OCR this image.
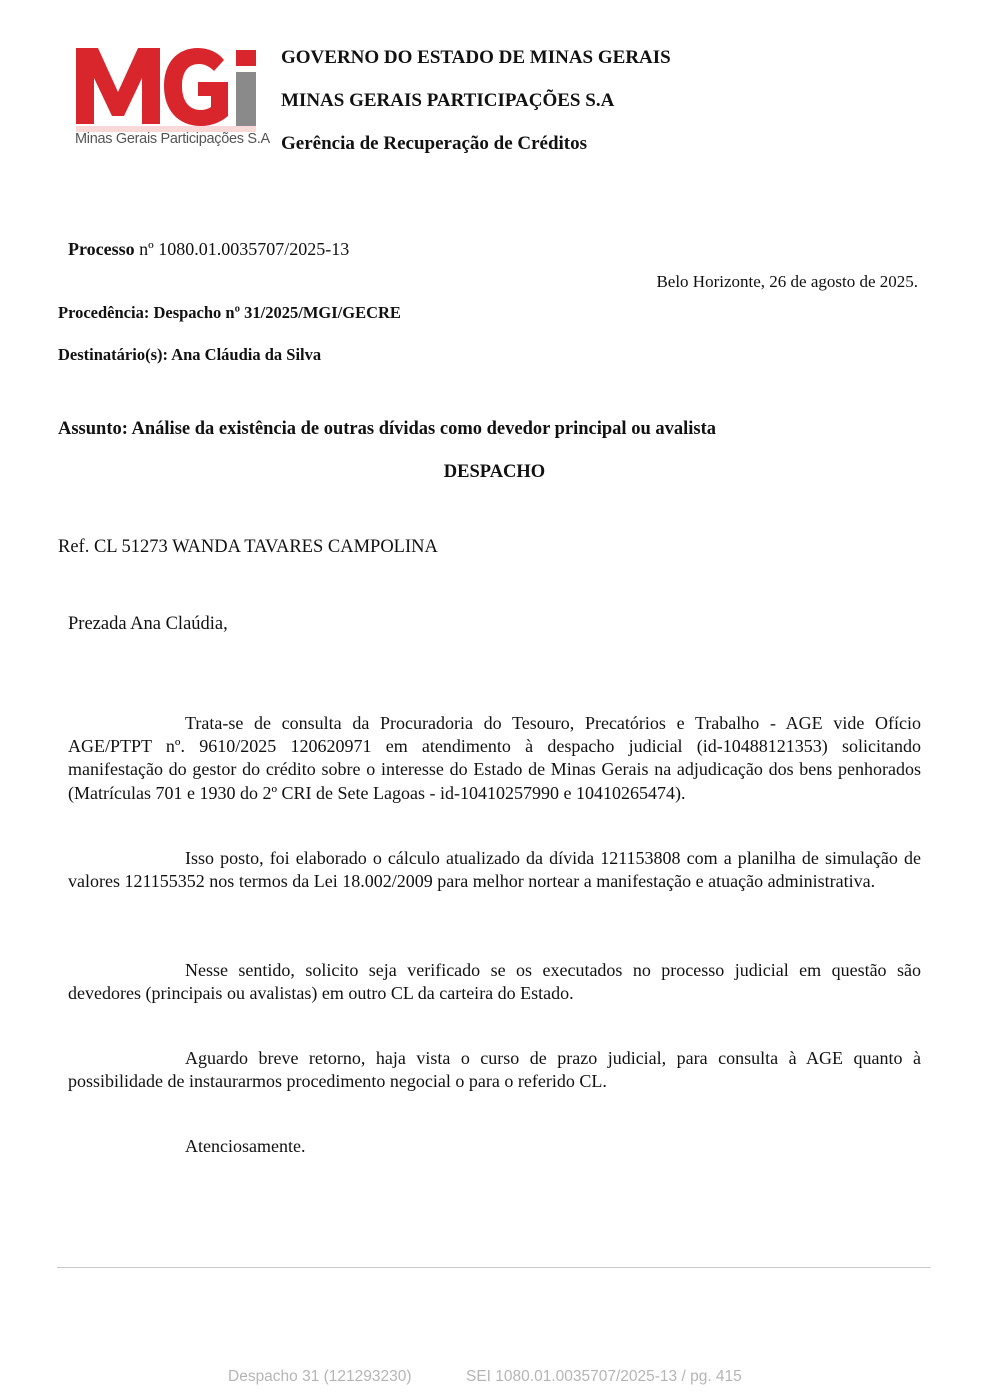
MGi
Minas Gerais Participações S.A
GOVERNO DO ESTADO DE MINAS GERAIS
MINAS GERAIS PARTICIPAÇÕES S.A
Gerência de Recuperação de Créditos
Processo nº 1080.01.0035707/2025-13
Belo Horizonte, 26 de agosto de 2025.
Procedência: Despacho nº 31/2025/MGI/GECRE
Destinatário(s): Ana Cláudia da Silva
Assunto: Análise da existência de outras dívidas como devedor principal ou avalista
DESPACHO
Ref. CL 51273 WANDA TAVARES CAMPOLINA
Prezada Ana Claúdia,

Trata-se de consulta da Procuradoria do Tesouro, Precatórios e Trabalho - AGE vide Ofício AGE/PTPT nº. 9610/2025 120620971 em atendimento à despacho judicial (id-10488121353) solicitando manifestação do gestor do crédito sobre o interesse do Estado de Minas Gerais na adjudicação dos bens penhorados (Matrículas 701 e 1930 do 2º CRI de Sete Lagoas - id-10410257990 e 10410265474).

Isso posto, foi elaborado o cálculo atualizado da dívida 121153808 com a planilha de simulação de valores 121155352 nos termos da Lei 18.002/2009 para melhor nortear a manifestação e atuação administrativa.

Nesse sentido, solicito seja verificado se os executados no processo judicial em questão são devedores (principais ou avalistas) em outro CL da carteira do Estado.

Aguardo breve retorno, haja vista o curso de prazo judicial, para consulta à AGE quanto à possibilidade de instaurarmos procedimento negocial o para o referido CL.

Atenciosamente.
Despacho 31 (121293230)	SEI 1080.01.0035707/2025-13 / pg. 415
